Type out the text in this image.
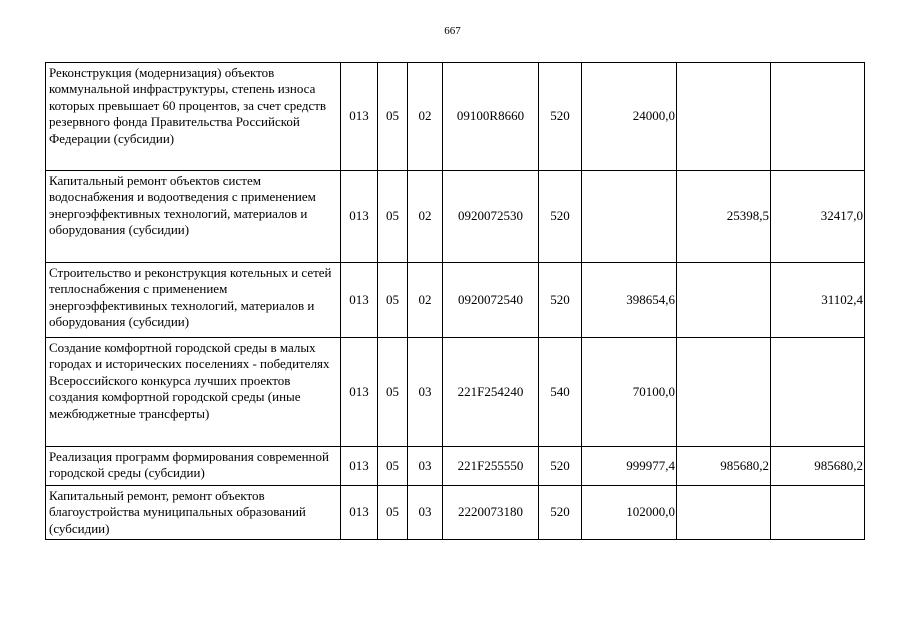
667
Реконструкция (модернизация) объектов коммунальной инфраструктуры, степень износа которых превышает 60 процентов, за счет средств резервного фонда Правительства Российской Федерации (субсидии)	013	05	02	09100R8660	520	24000,0		
Капитальный ремонт объектов систем водоснабжения и водоотведения с применением энергоэффективных технологий, материалов и оборудования (субсидии)	013	05	02	0920072530	520		25398,5	32417,0
Строительство и реконструкция котельных и сетей теплоснабжения с применением энергоэффективиных технологий, материалов и оборудования (субсидии)	013	05	02	0920072540	520	398654,6		31102,4
Создание комфортной городской среды в малых городах и исторических поселениях - победителях Всероссийского конкурса лучших проектов создания комфортной городской среды (иные межбюджетные трансферты)	013	05	03	221F254240	540	70100,0		
Реализация программ формирования современной городской среды (субсидии)	013	05	03	221F255550	520	999977,4	985680,2	985680,2
Капитальный ремонт, ремонт объектов благоустройства муниципальных образований (субсидии)	013	05	03	2220073180	520	102000,0		
